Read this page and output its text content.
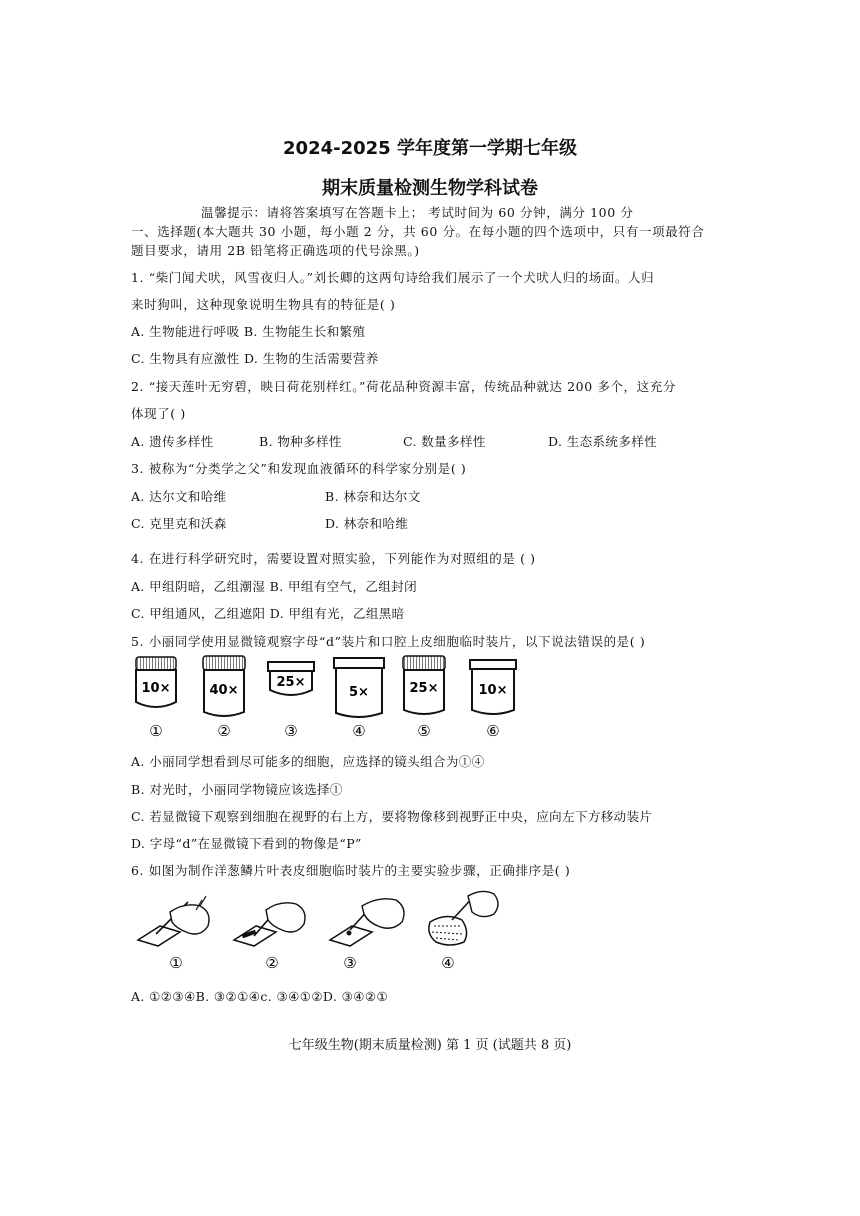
2024-2025 学年度第一学期七年级
期末质量检测生物学科试卷
温馨提示：请将答案填写在答题卡上； 考试时间为 60 分钟，满分 100 分
一、选择题(本大题共 30 小题，每小题 2 分，共 60 分。在每小题的四个选项中，只有一项最符合
题目要求，请用 2B 铅笔将正确选项的代号涂黑。)
1. “柴门闻犬吠，风雪夜归人。”刘长卿的这两句诗给我们展示了一个犬吠人归的场面。人归
来时狗叫，这种现象说明生物具有的特征是( )
A. 生物能进行呼吸 B. 生物能生长和繁殖
C. 生物具有应激性 D. 生物的生活需要营养
2. “接天莲叶无穷碧，映日荷花别样红。”荷花品种资源丰富，传统品种就达 200 多个，这充分
体现了( )
A. 遗传多样性	B. 物种多样性	C. 数量多样性	D. 生态系统多样性
3. 被称为“分类学之父”和发现血液循环的科学家分别是( )
A. 达尔文和哈维	B. 林奈和达尔文
C. 克里克和沃森	D. 林奈和哈维
4. 在进行科学研究时，需要设置对照实验，下列能作为对照组的是 ( )
A. 甲组阴暗，乙组潮湿 B. 甲组有空气，乙组封闭
C. 甲组通风，乙组遮阳 D. 甲组有光，乙组黑暗
5. 小丽同学使用显微镜观察字母“d”装片和口腔上皮细胞临时装片，以下说法错误的是( )
10×
①
40×
②
25×
③
5×
④
25×
⑤
10×
⑥
A. 小丽同学想看到尽可能多的细胞，应选择的镜头组合为①④
B. 对光时，小丽同学物镜应该选择①
C. 若显微镜下观察到细胞在视野的右上方，要将物像移到视野正中央，应向左下方移动装片
D. 字母“d”在显微镜下看到的物像是“P”
6. 如图为制作洋葱鳞片叶表皮细胞临时装片的主要实验步骤，正确排序是( )
①	②	③	④
A. ①②③④B. ③②①④c. ③④①②D. ③④②①
七年级生物(期末质量检测) 第 1 页 (试题共 8 页)
